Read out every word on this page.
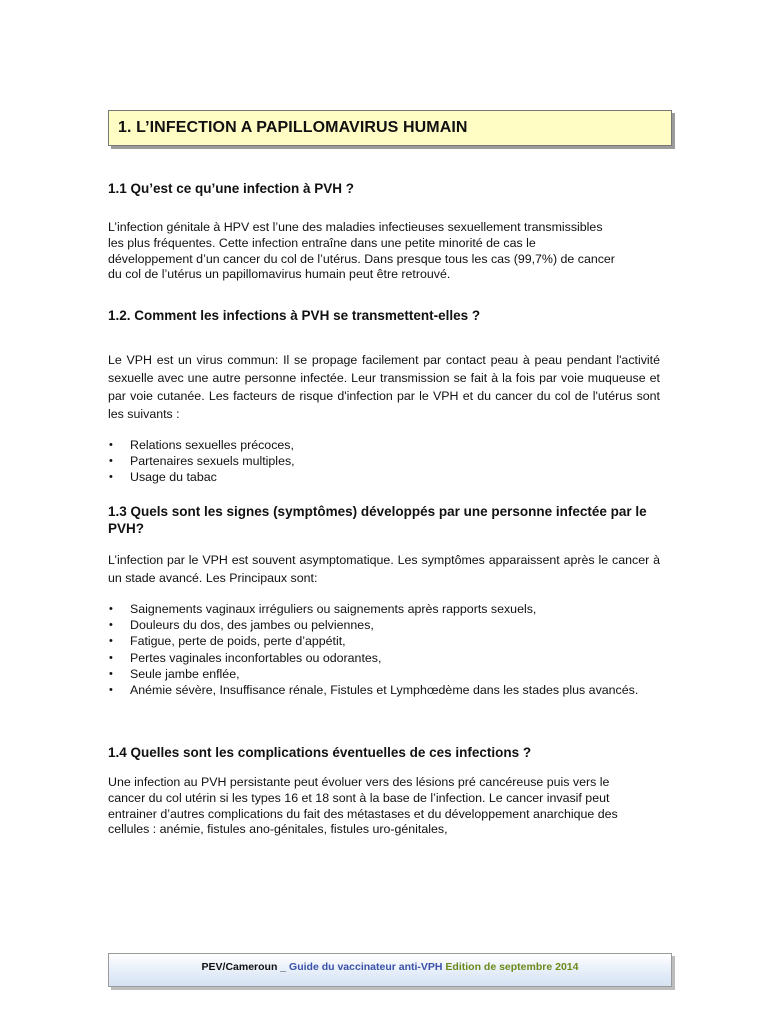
1. L’INFECTION A PAPILLOMAVIRUS HUMAIN
1.1 Qu’est ce qu’une infection à PVH ?
L’infection génitale à HPV est l’une des maladies infectieuses sexuellement transmissibles
les plus fréquentes. Cette infection entraîne dans une petite minorité de cas le
développement d’un cancer du col de l’utérus. Dans presque tous les cas (99,7%) de cancer
du col de l’utérus un papillomavirus humain peut être retrouvé.
1.2. Comment les infections à PVH se transmettent-elles ?
Le VPH est un virus commun: Il se propage facilement par contact peau à peau pendant l'activité sexuelle avec une autre personne infectée. Leur transmission se fait à la fois par voie muqueuse et par voie cutanée. Les facteurs de risque d'infection par le VPH et du cancer du col de l'utérus sont les suivants :
• Relations sexuelles précoces,
• Partenaires sexuels multiples,
• Usage du tabac
1.3 Quels sont les signes (symptômes) développés par une personne infectée par le PVH?
L’infection par le VPH est souvent asymptomatique. Les symptômes apparaissent après le cancer à un stade avancé. Les Principaux sont:
• Saignements vaginaux irréguliers ou saignements après rapports sexuels,
• Douleurs du dos, des jambes ou pelviennes,
• Fatigue, perte de poids, perte d’appétit,
• Pertes vaginales inconfortables ou odorantes,
• Seule jambe enflée,
• Anémie sévère, Insuffisance rénale, Fistules et Lymphœdème dans les stades plus avancés.
1.4 Quelles sont les complications éventuelles de ces infections ?
Une infection au PVH persistante peut évoluer vers des lésions pré cancéreuse puis vers le
cancer du col utérin si les types 16 et 18 sont à la base de l’infection. Le cancer invasif peut
entrainer d’autres complications du fait des métastases et du développement anarchique des
cellules : anémie, fistules ano-génitales, fistules uro-génitales,
PEV/Cameroun _ Guide du vaccinateur anti-VPH Edition de septembre 2014
